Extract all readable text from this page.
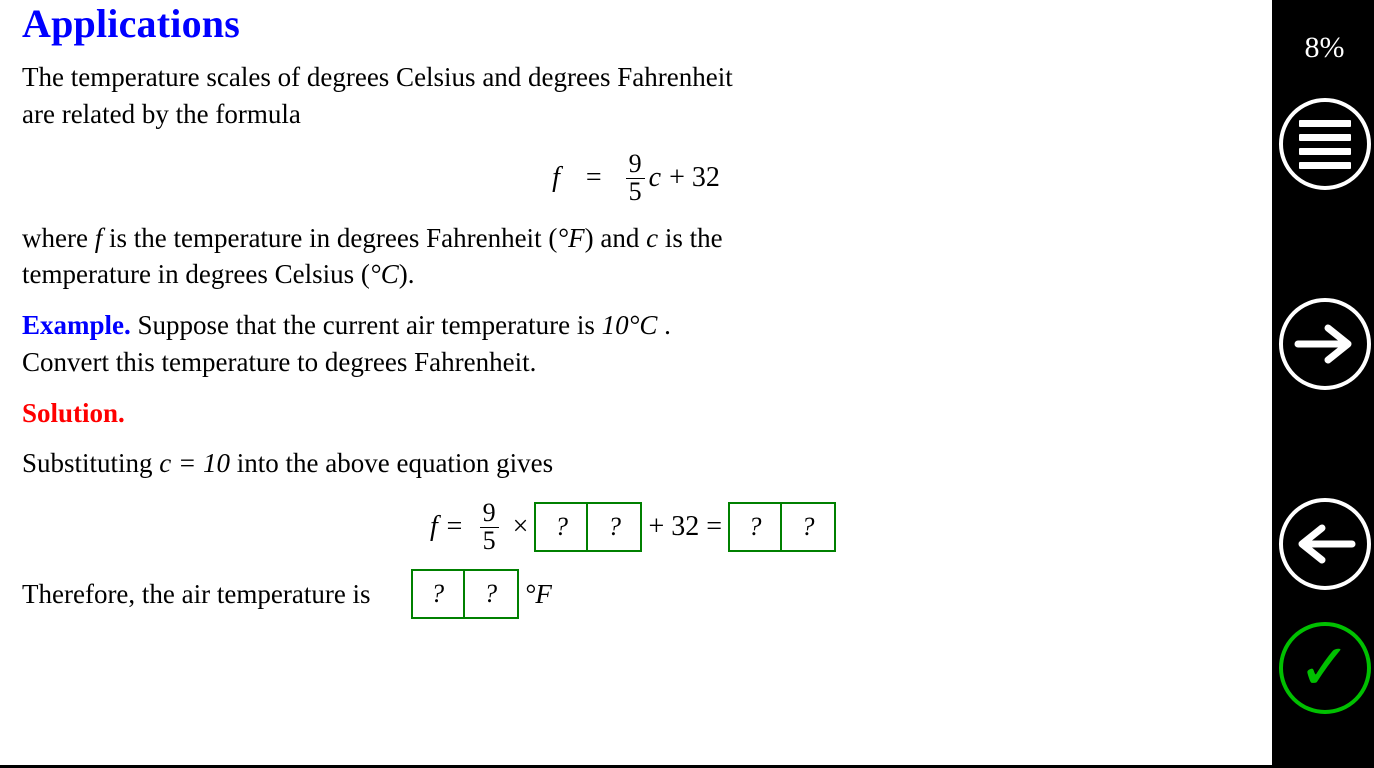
Applications

The temperature scales of degrees Celsius and degrees Fahrenheit
are related by the formula

$f = \frac{9}{5}$ c + 32

where f is the temperature in degrees Fahrenheit (°F) and c is the
temperature in degrees Celsius (°C).

Example. Suppose that the current air temperature is 10°C .
Convert this temperature to degrees Fahrenheit.

Solution.

Substituting c = 10 into the above equation gives

$f = \frac{9}{5}$ ×	?	? + 32 =	?	?
Therefore, the air temperature is	?	?	°F
8%
✓
